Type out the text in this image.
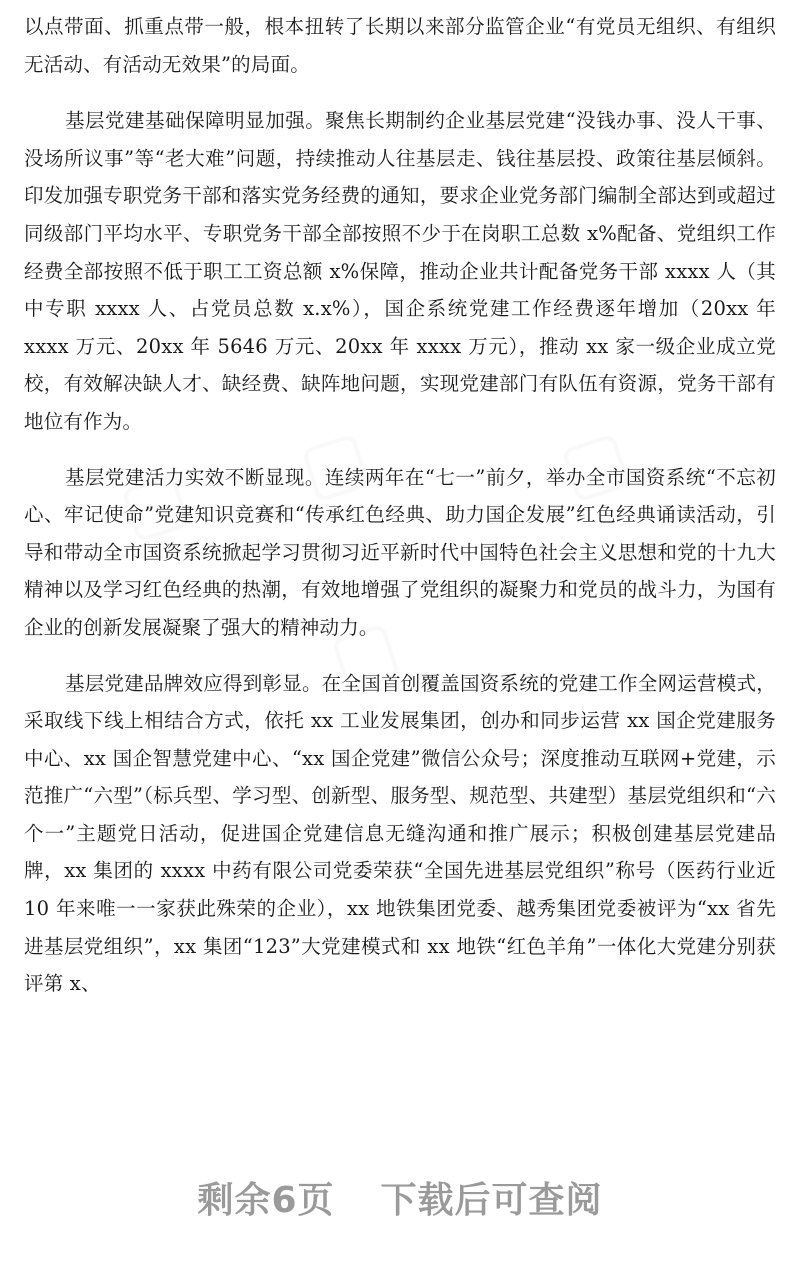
▢ ▢
▢
▢

以点带面、抓重点带一般，根本扭转了长期以来部分监管企业“有党员无组织、有组织无活动、有活动无效果”的局面。

基层党建基础保障明显加强。聚焦长期制约企业基层党建“没钱办事、没人干事、没场所议事”等“老大难”问题，持续推动人往基层走、钱往基层投、政策往基层倾斜。印发加强专职党务干部和落实党务经费的通知，要求企业党务部门编制全部达到或超过同级部门平均水平、专职党务干部全部按照不少于在岗职工总数 x%配备、党组织工作经费全部按照不低于职工工资总额 x%保障，推动企业共计配备党务干部 xxxx 人（其中专职 xxxx 人、占党员总数 x.x%），国企系统党建工作经费逐年增加（20xx 年 xxxx 万元、20xx 年 5646 万元、20xx 年 xxxx 万元），推动 xx 家一级企业成立党校，有效解决缺人才、缺经费、缺阵地问题，实现党建部门有队伍有资源，党务干部有地位有作为。

基层党建活力实效不断显现。连续两年在“七一”前夕，举办全市国资系统“不忘初心、牢记使命”党建知识竞赛和“传承红色经典、助力国企发展”红色经典诵读活动，引导和带动全市国资系统掀起学习贯彻习近平新时代中国特色社会主义思想和党的十九大精神以及学习红色经典的热潮，有效地增强了党组织的凝聚力和党员的战斗力，为国有企业的创新发展凝聚了强大的精神动力。

基层党建品牌效应得到彰显。在全国首创覆盖国资系统的党建工作全网运营模式，采取线下线上相结合方式，依托 xx 工业发展集团，创办和同步运营 xx 国企党建服务中心、xx 国企智慧党建中心、“xx 国企党建”微信公众号；深度推动互联网+党建，示范推广“六型”（标兵型、学习型、创新型、服务型、规范型、共建型）基层党组织和“六个一”主题党日活动，促进国企党建信息无缝沟通和推广展示；积极创建基层党建品牌，xx 集团的 xxxx 中药有限公司党委荣获“全国先进基层党组织”称号（医药行业近 10 年来唯一一家获此殊荣的企业），xx 地铁集团党委、越秀集团党委被评为“xx 省先进基层党组织”，xx 集团“123”大党建模式和 xx 地铁“红色羊角”一体化大党建分别获评第 x、

剩余6页 下载后可查阅
